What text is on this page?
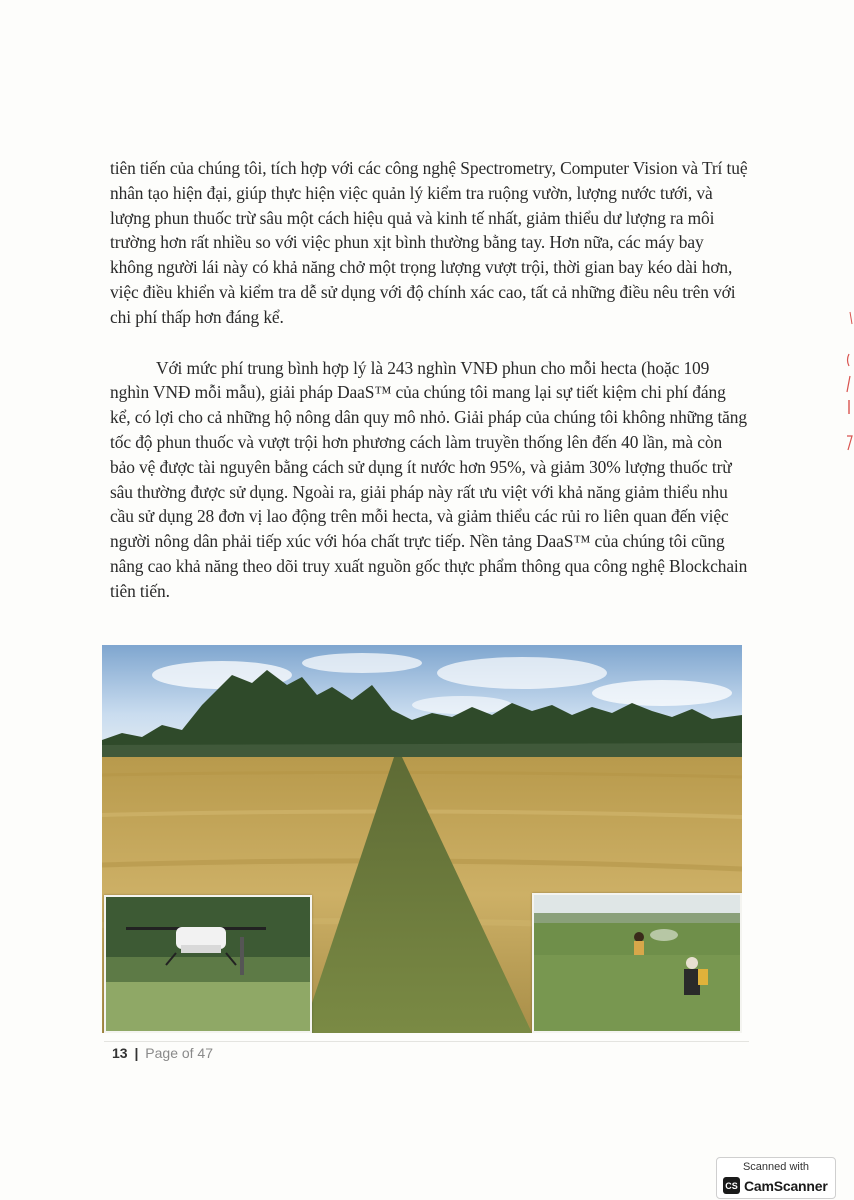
tiên tiến của chúng tôi, tích hợp với các công nghệ Spectrometry, Computer Vision và Trí tuệ nhân tạo hiện đại, giúp thực hiện việc quản lý kiểm tra ruộng vườn, lượng nước tưới, và lượng phun thuốc trừ sâu một cách hiệu quả và kinh tế nhất, giảm thiểu dư lượng ra môi trường hơn rất nhiều so với việc phun xịt bình thường bằng tay. Hơn nữa, các máy bay không người lái này có khả năng chở một trọng lượng vượt trội, thời gian bay kéo dài hơn, việc điều khiển và kiểm tra dễ sử dụng với độ chính xác cao, tất cả những điều nêu trên với chi phí thấp hơn đáng kể.

Với mức phí trung bình hợp lý là 243 nghìn VNĐ phun cho mỗi hecta (hoặc 109 nghìn VNĐ mỗi mẫu), giải pháp DaaS™ của chúng tôi mang lại sự tiết kiệm chi phí đáng kể, có lợi cho cả những hộ nông dân quy mô nhỏ. Giải pháp của chúng tôi không những tăng tốc độ phun thuốc và vượt trội hơn phương cách làm truyền thống lên đến 40 lần, mà còn bảo vệ được tài nguyên bằng cách sử dụng ít nước hơn 95%, và giảm 30% lượng thuốc trừ sâu thường được sử dụng. Ngoài ra, giải pháp này rất ưu việt với khả năng giảm thiểu nhu cầu sử dụng 28 đơn vị lao động trên mỗi hecta, và giảm thiểu các rủi ro liên quan đến việc người nông dân phải tiếp xúc với hóa chất trực tiếp. Nền tảng DaaS™ của chúng tôi cũng nâng cao khả năng theo dõi truy xuất nguồn gốc thực phẩm thông qua công nghệ Blockchain tiên tiến.

13 | Page of 47
Scanned with
CS CamScanner
